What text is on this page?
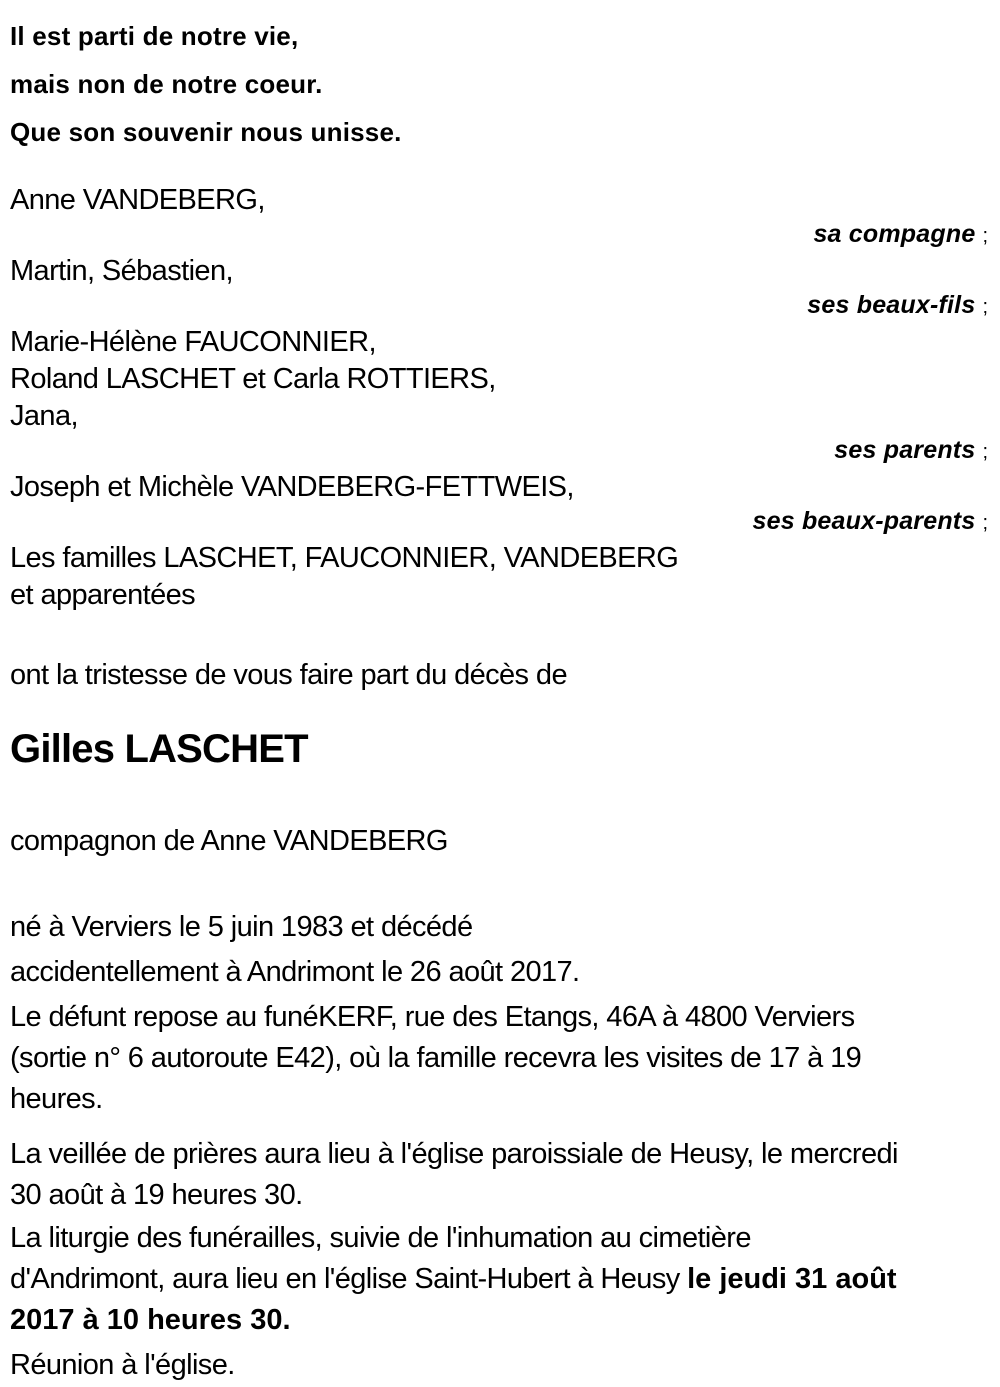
Il est parti de notre vie,
mais non de notre coeur.
Que son souvenir nous unisse.
Anne VANDEBERG,
sa compagne ;
Martin, Sébastien,
ses beaux-fils ;
Marie-Hélène FAUCONNIER,
Roland LASCHET et Carla ROTTIERS,
Jana,
ses parents ;
Joseph et Michèle VANDEBERG-FETTWEIS,
ses beaux-parents ;
Les familles LASCHET, FAUCONNIER, VANDEBERG
et apparentées
ont la tristesse de vous faire part du décès de
Gilles LASCHET
compagnon de Anne VANDEBERG
né à Verviers le 5 juin 1983 et décédé
accidentellement à Andrimont le 26 août 2017.
Le défunt repose au funéKERF, rue des Etangs, 46A à 4800 Verviers
(sortie n° 6 autoroute E42), où la famille recevra les visites de 17 à 19
heures.
La veillée de prières aura lieu à l'église paroissiale de Heusy, le mercredi
30 août à 19 heures 30.
La liturgie des funérailles, suivie de l'inhumation au cimetière
d'Andrimont, aura lieu en l'église Saint-Hubert à Heusy le jeudi 31 août
2017 à 10 heures 30.
Réunion à l'église.
